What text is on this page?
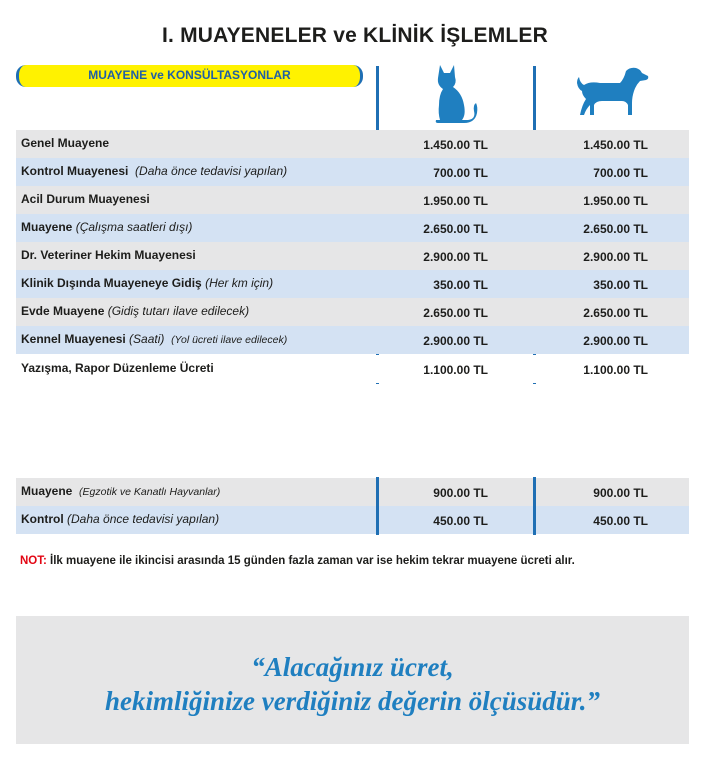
I. MUAYENELER ve KLİNİK İŞLEMLER
MUAYENE ve KONSÜLTASYONLAR
Genel Muayene	1.450.00 TL	1.450.00 TL
Kontrol Muayenesi (Daha önce tedavisi yapılan)	700.00 TL	700.00 TL
Acil Durum Muayenesi	1.950.00 TL	1.950.00 TL
Muayene (Çalışma saatleri dışı)	2.650.00 TL	2.650.00 TL
Dr. Veteriner Hekim Muayenesi	2.900.00 TL	2.900.00 TL
Klinik Dışında Muayeneye Gidiş (Her km için)	350.00 TL	350.00 TL
Evde Muayene (Gidiş tutarı ilave edilecek)	2.650.00 TL	2.650.00 TL
Kennel Muayenesi (Saati) (Yol ücreti ilave edilecek)	2.900.00 TL	2.900.00 TL
Yazışma, Rapor Düzenleme Ücreti	1.100.00 TL	1.100.00 TL
Muayene (Egzotik ve Kanatlı Hayvanlar)	900.00 TL	900.00 TL
Kontrol (Daha önce tedavisi yapılan)	450.00 TL	450.00 TL
NOT: İlk muayene ile ikincisi arasında 15 günden fazla zaman var ise hekim tekrar muayene ücreti alır.
“Alacağınız ücret,
hekimliğinize verdiğiniz değerin ölçüsüdür.”
